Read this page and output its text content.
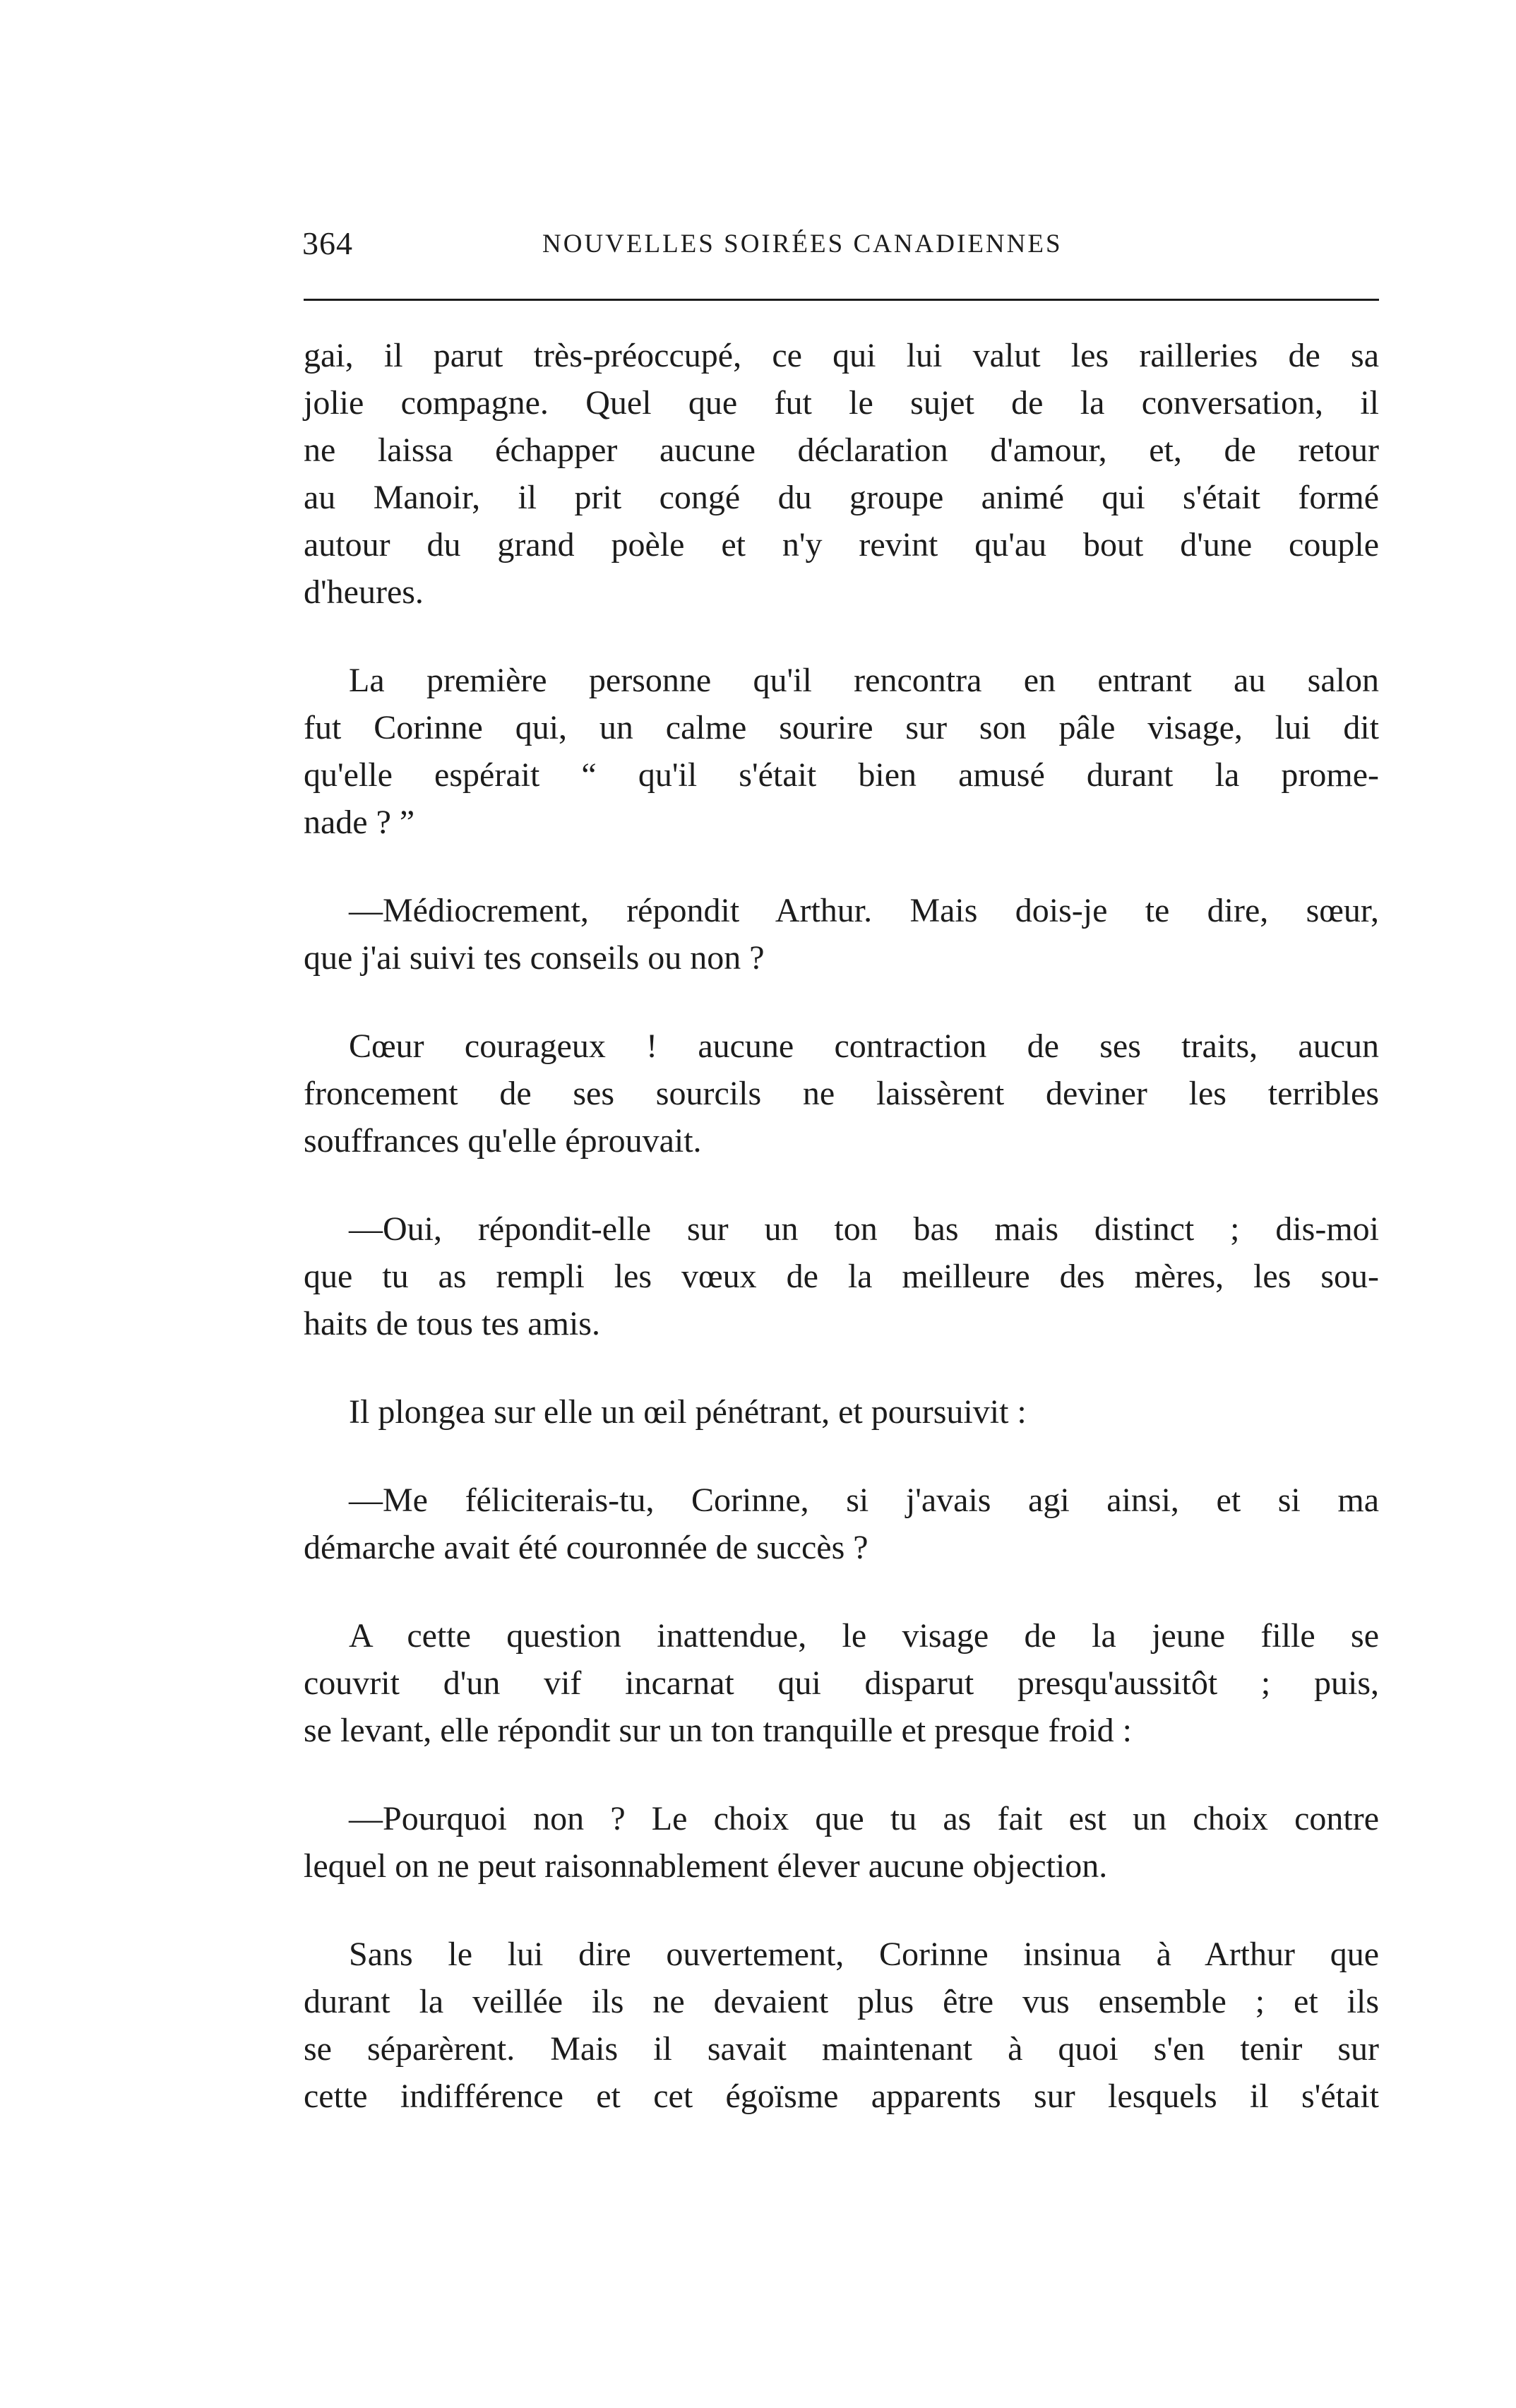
364	NOUVELLES SOIRÉES CANADIENNES
gai, il parut très-préoccupé, ce qui lui valut les railleries de sa
jolie compagne. Quel que fut le sujet de la conversation, il
ne laissa échapper aucune déclaration d'amour, et, de retour
au Manoir, il prit congé du groupe animé qui s'était formé
autour du grand poèle et n'y revint qu'au bout d'une couple
d'heures.
La première personne qu'il rencontra en entrant au salon
fut Corinne qui, un calme sourire sur son pâle visage, lui dit
qu'elle espérait “ qu'il s'était bien amusé durant la prome-
nade ? ”
—Médiocrement, répondit Arthur. Mais dois-je te dire, sœur,
que j'ai suivi tes conseils ou non ?
Cœur courageux ! aucune contraction de ses traits, aucun
froncement de ses sourcils ne laissèrent deviner les terribles
souffrances qu'elle éprouvait.
—Oui, répondit-elle sur un ton bas mais distinct ; dis-moi
que tu as rempli les vœux de la meilleure des mères, les sou-
haits de tous tes amis.
Il plongea sur elle un œil pénétrant, et poursuivit :
—Me féliciterais-tu, Corinne, si j'avais agi ainsi, et si ma
démarche avait été couronnée de succès ?
A cette question inattendue, le visage de la jeune fille se
couvrit d'un vif incarnat qui disparut presqu'aussitôt ; puis,
se levant, elle répondit sur un ton tranquille et presque froid :
—Pourquoi non ? Le choix que tu as fait est un choix contre
lequel on ne peut raisonnablement élever aucune objection.
Sans le lui dire ouvertement, Corinne insinua à Arthur que
durant la veillée ils ne devaient plus être vus ensemble ; et ils
se séparèrent. Mais il savait maintenant à quoi s'en tenir sur
cette indifférence et cet égoïsme apparents sur lesquels il s'était
